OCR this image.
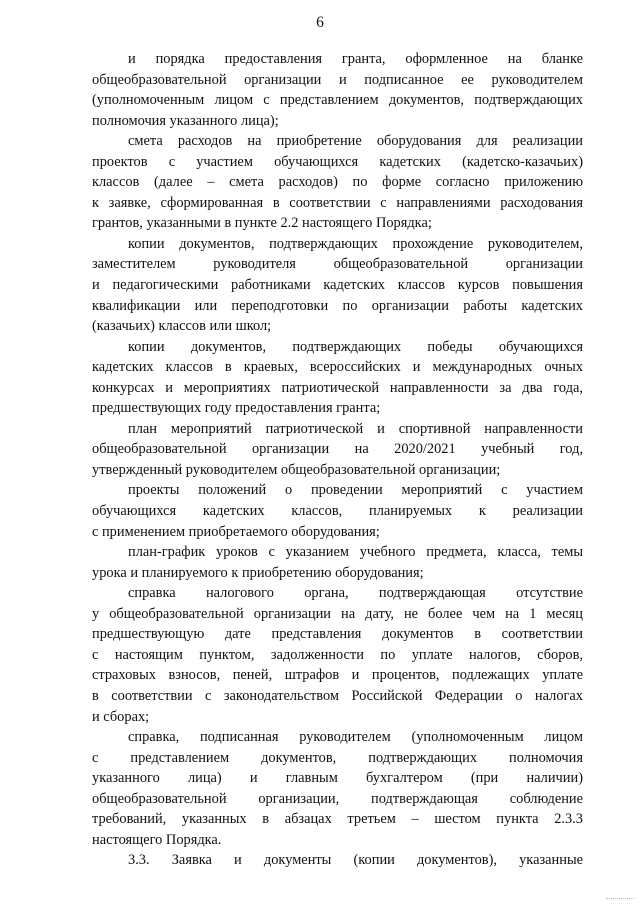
6

и порядка предоставления гранта, оформленное на бланке
общеобразовательной организации и подписанное ее руководителем
(уполномоченным лицом с представлением документов, подтверждающих
полномочия указанного лица);

смета расходов на приобретение оборудования для реализации
проектов с участием обучающихся кадетских (кадетско-казачьих)
классов (далее – смета расходов) по форме согласно приложению
к заявке, сформированная в соответствии с направлениями расходования
грантов, указанными в пункте 2.2 настоящего Порядка;

копии документов, подтверждающих прохождение руководителем,
заместителем руководителя общеобразовательной организации
и педагогическими работниками кадетских классов курсов повышения
квалификации или переподготовки по организации работы кадетских
(казачьих) классов или школ;

копии документов, подтверждающих победы обучающихся
кадетских классов в краевых, всероссийских и международных очных
конкурсах и мероприятиях патриотической направленности за два года,
предшествующих году предоставления гранта;

план мероприятий патриотической и спортивной направленности
общеобразовательной организации на 2020/2021 учебный год,
утвержденный руководителем общеобразовательной организации;

проекты положений о проведении мероприятий с участием
обучающихся кадетских классов, планируемых к реализации
с применением приобретаемого оборудования;

план-график уроков с указанием учебного предмета, класса, темы
урока и планируемого к приобретению оборудования;

справка налогового органа, подтверждающая отсутствие
у общеобразовательной организации на дату, не более чем на 1 месяц
предшествующую дате представления документов в соответствии
с настоящим пунктом, задолженности по уплате налогов, сборов,
страховых взносов, пеней, штрафов и процентов, подлежащих уплате
в соответствии с законодательством Российской Федерации о налогах
и сборах;

справка, подписанная руководителем (уполномоченным лицом
с представлением документов, подтверждающих полномочия
указанного лица) и главным бухгалтером (при наличии)
общеобразовательной организации, подтверждающая соблюдение
требований, указанных в абзацах третьем – шестом пункта 2.3.3
настоящего Порядка.

3.3. Заявка и документы (копии документов), указанные
